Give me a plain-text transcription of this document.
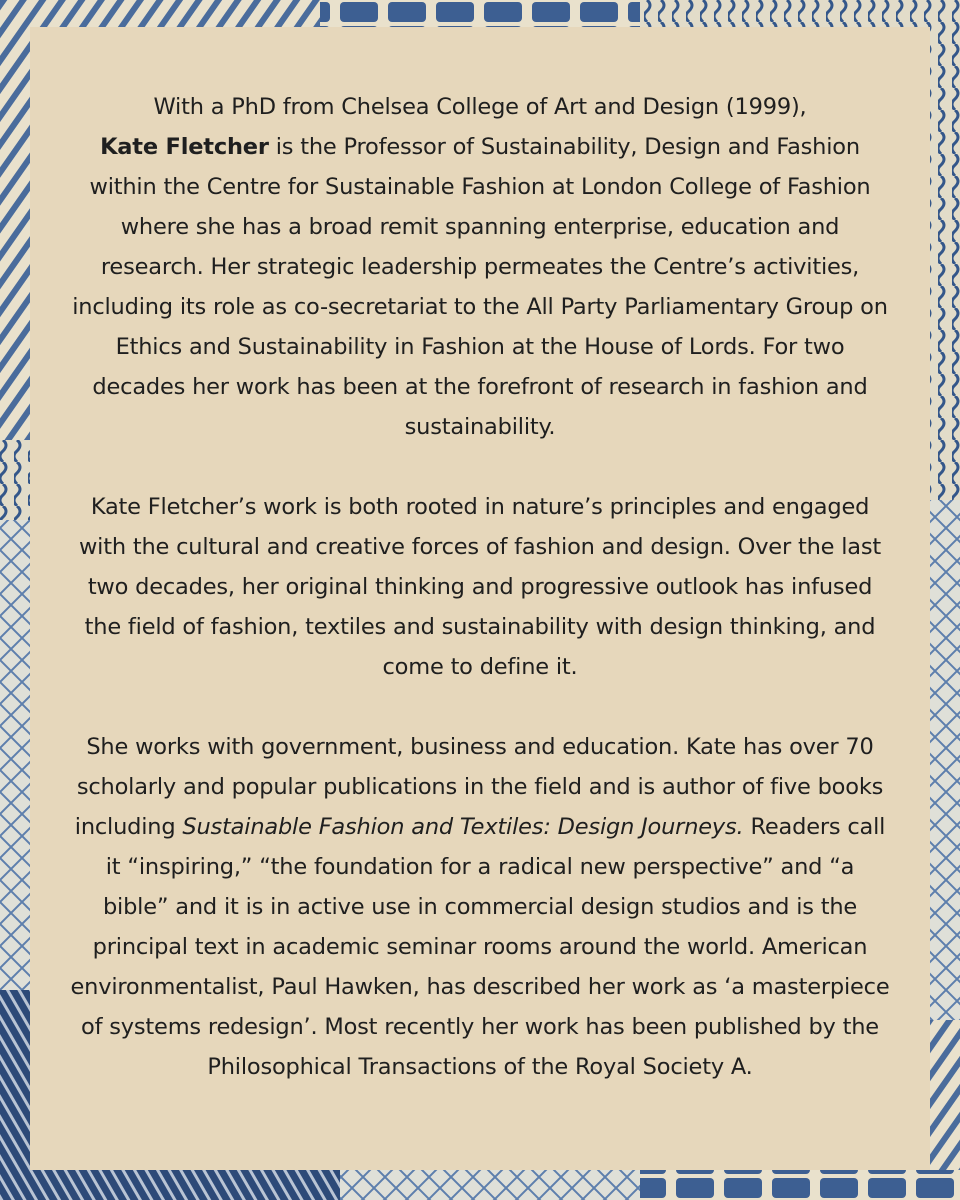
With a PhD from Chelsea College of Art and Design (1999),
Kate Fletcher is the Professor of Sustainability, Design and Fashion within the Centre for Sustainable Fashion at London College of Fashion where she has a broad remit spanning enterprise, education and research. Her strategic leadership permeates the Centre’s activities, including its role as co-secretariat to the All Party Parliamentary Group on Ethics and Sustainability in Fashion at the House of Lords. For two decades her work has been at the forefront of research in fashion and sustainability.

Kate Fletcher’s work is both rooted in nature’s principles and engaged with the cultural and creative forces of fashion and design. Over the last two decades, her original thinking and progressive outlook has infused the field of fashion, textiles and sustainability with design thinking, and come to define it.

She works with government, business and education. Kate has over 70 scholarly and popular publications in the field and is author of five books including Sustainable Fashion and Textiles: Design Journeys. Readers call it “inspiring,” “the foundation for a radical new perspective” and “a bible” and it is in active use in commercial design studios and is the principal text in academic seminar rooms around the world. American environmentalist, Paul Hawken, has described her work as ‘a masterpiece of systems redesign’. Most recently her work has been published by the Philosophical Transactions of the Royal Society A.
